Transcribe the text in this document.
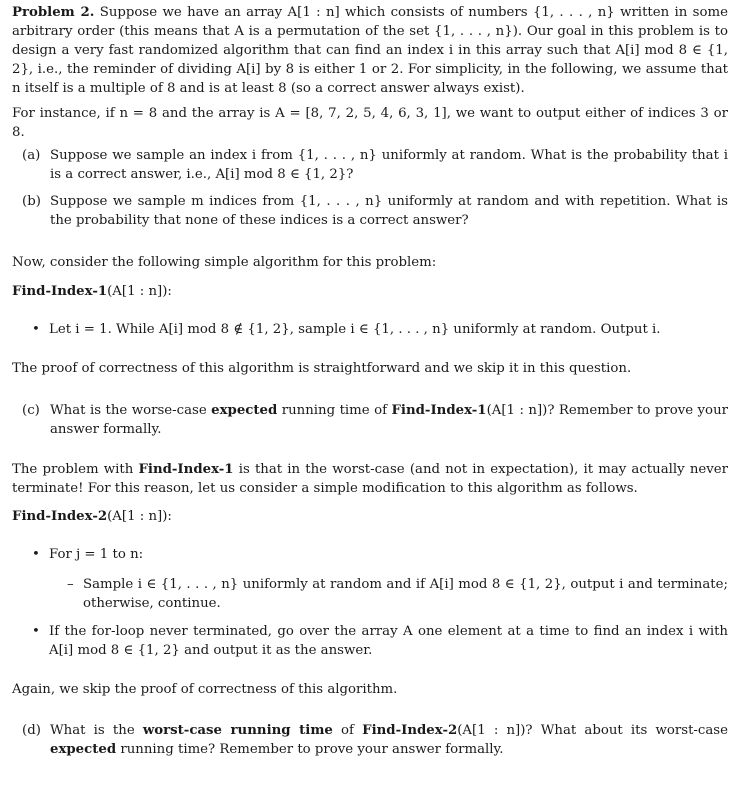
Problem 2. Suppose we have an array A[1 : n] which consists of numbers {1, . . . , n} written in some arbitrary order (this means that A is a permutation of the set {1, . . . , n}). Our goal in this problem is to design a very fast randomized algorithm that can find an index i in this array such that A[i] mod 8 ∈ {1, 2}, i.e., the reminder of dividing A[i] by 8 is either 1 or 2. For simplicity, in the following, we assume that n itself is a multiple of 8 and is at least 8 (so a correct answer always exist).

For instance, if n = 8 and the array is A = [8, 7, 2, 5, 4, 6, 3, 1], we want to output either of indices 3 or 8.

(a) Suppose we sample an index i from {1, . . . , n} uniformly at random. What is the probability that i is a correct answer, i.e., A[i] mod 8 ∈ {1, 2}?
(b) Suppose we sample m indices from {1, . . . , n} uniformly at random and with repetition. What is the probability that none of these indices is a correct answer?

Now, consider the following simple algorithm for this problem:

Find-Index-1(A[1 : n]):

• Let i = 1. While A[i] mod 8 ∉ {1, 2}, sample i ∈ {1, . . . , n} uniformly at random. Output i.

The proof of correctness of this algorithm is straightforward and we skip it in this question.

(c) What is the worse-case expected running time of Find-Index-1(A[1 : n])? Remember to prove your answer formally.

The problem with Find-Index-1 is that in the worst-case (and not in expectation), it may actually never terminate! For this reason, let us consider a simple modification to this algorithm as follows.

Find-Index-2(A[1 : n]):

• For j = 1 to n:
– Sample i ∈ {1, . . . , n} uniformly at random and if A[i] mod 8 ∈ {1, 2}, output i and terminate; otherwise, continue.
• If the for-loop never terminated, go over the array A one element at a time to find an index i with A[i] mod 8 ∈ {1, 2} and output it as the answer.

Again, we skip the proof of correctness of this algorithm.

(d) What is the worst-case running time of Find-Index-2(A[1 : n])? What about its worst-case expected running time? Remember to prove your answer formally.
